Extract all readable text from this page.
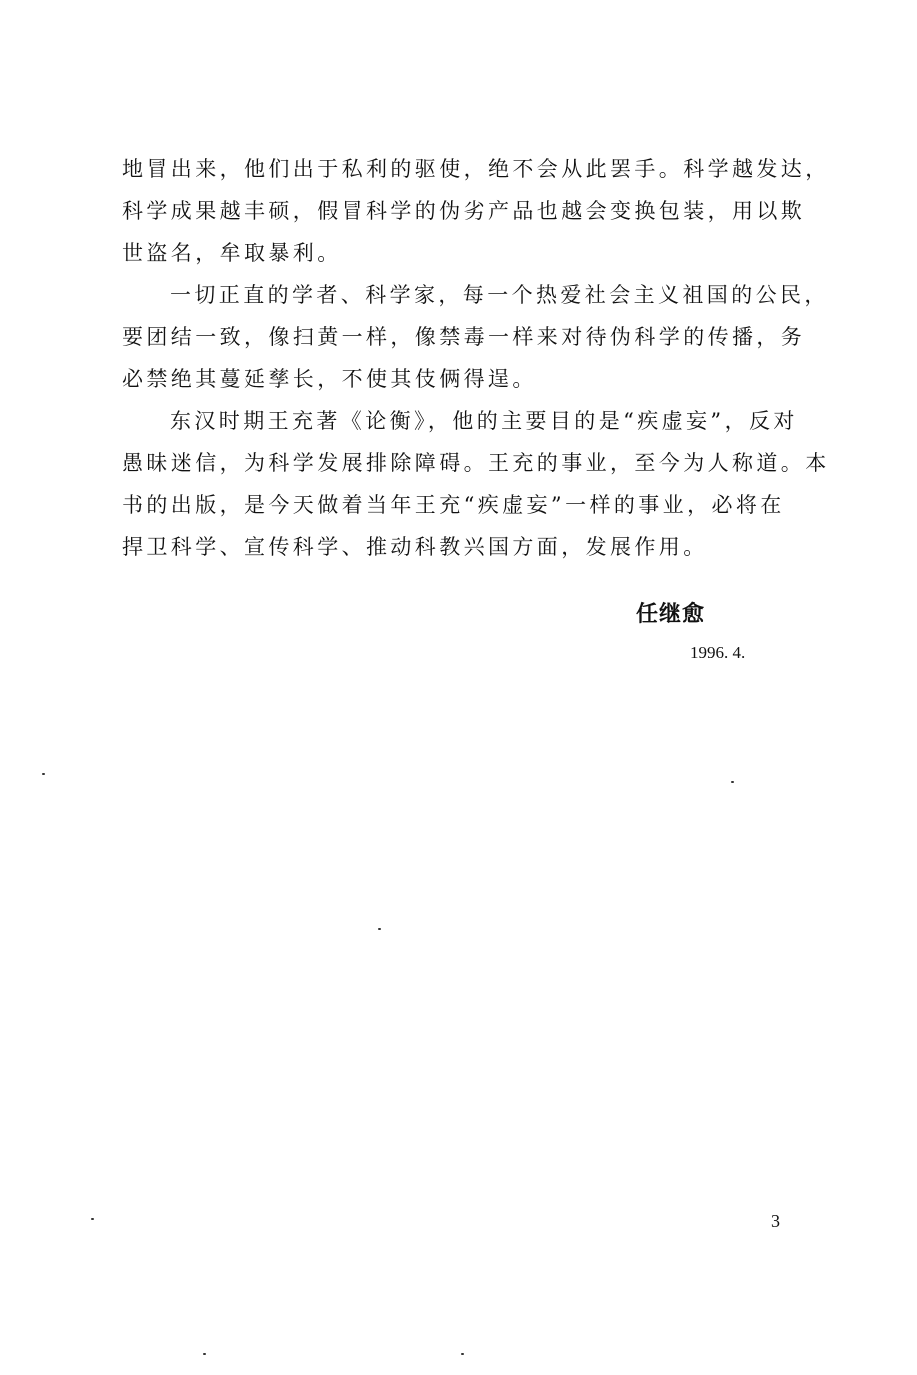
地冒出来，他们出于私利的驱使，绝不会从此罢手。科学越发达，
科学成果越丰硕，假冒科学的伪劣产品也越会变换包装，用以欺
世盗名，牟取暴利。

一切正直的学者、科学家，每一个热爱社会主义祖国的公民，
要团结一致，像扫黄一样，像禁毒一样来对待伪科学的传播，务
必禁绝其蔓延孳长，不使其伎俩得逞。

东汉时期王充著《论衡》，他的主要目的是“疾虚妄”，反对
愚昧迷信，为科学发展排除障碍。王充的事业，至今为人称道。本
书的出版，是今天做着当年王充“疾虚妄”一样的事业，必将在
捍卫科学、宣传科学、推动科教兴国方面，发展作用。

任继愈
1996. 4.
3
